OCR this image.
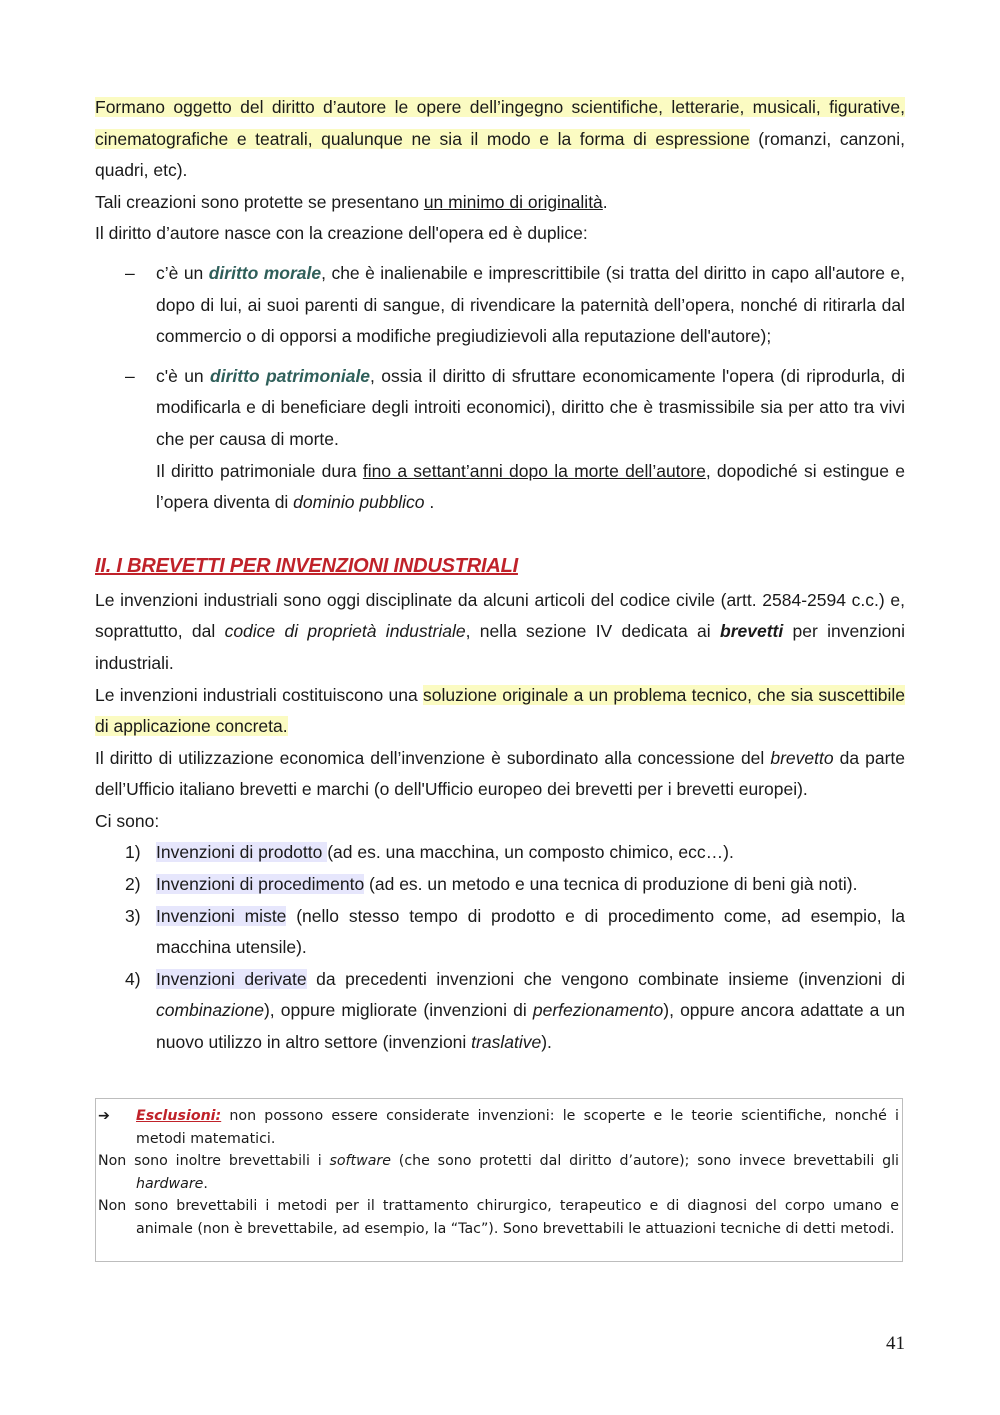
Formano oggetto del diritto d’autore le opere dell’ingegno scientifiche, letterarie, musicali, figurative, cinematografiche e teatrali, qualunque ne sia il modo e la forma di espressione (romanzi, canzoni, quadri, etc).

Tali creazioni sono protette se presentano un minimo di originalità.

Il diritto d’autore nasce con la creazione dell'opera ed è duplice:

– c’è un diritto morale, che è inalienabile e imprescrittibile (si tratta del diritto in capo all'autore e, dopo di lui, ai suoi parenti di sangue, di rivendicare la paternità dell’opera, nonché di ritirarla dal commercio o di opporsi a modifiche pregiudizievoli alla reputazione dell'autore);
– c'è un diritto patrimoniale, ossia il diritto di sfruttare economicamente l'opera (di riprodurla, di modificarla e di beneficiare degli introiti economici), diritto che è trasmissibile sia per atto tra vivi che per causa di morte.

Il diritto patrimoniale dura fino a settant’anni dopo la morte dell’autore, dopodiché si estingue e l’opera diventa di dominio pubblico .

II. I BREVETTI PER INVENZIONI INDUSTRIALI

Le invenzioni industriali sono oggi disciplinate da alcuni articoli del codice civile (artt. 2584-2594 c.c.) e, soprattutto, dal codice di proprietà industriale, nella sezione IV dedicata ai brevetti per invenzioni industriali.

Le invenzioni industriali costituiscono una soluzione originale a un problema tecnico, che sia suscettibile di applicazione concreta.

Il diritto di utilizzazione economica dell’invenzione è subordinato alla concessione del brevetto da parte dell’Ufficio italiano brevetti e marchi (o dell'Ufficio europeo dei brevetti per i brevetti europei).

Ci sono:

1) Invenzioni di prodotto (ad es. una macchina, un composto chimico, ecc…).
2) Invenzioni di procedimento (ad es. un metodo e una tecnica di produzione di beni già noti).
3) Invenzioni miste (nello stesso tempo di prodotto e di procedimento come, ad esempio, la macchina utensile).
4) Invenzioni derivate da precedenti invenzioni che vengono combinate insieme (invenzioni di combinazione), oppure migliorate (invenzioni di perfezionamento), oppure ancora adattate a un nuovo utilizzo in altro settore (invenzioni traslative).

➔ Esclusioni: non possono essere considerate invenzioni: le scoperte e le teorie scientifiche, nonché i metodi matematici.

Non sono inoltre brevettabili i software (che sono protetti dal diritto d’autore); sono invece brevettabili gli hardware.

Non sono brevettabili i metodi per il trattamento chirurgico, terapeutico e di diagnosi del corpo umano e animale (non è brevettabile, ad esempio, la “Tac”). Sono brevettabili le attuazioni tecniche di detti metodi.

41
